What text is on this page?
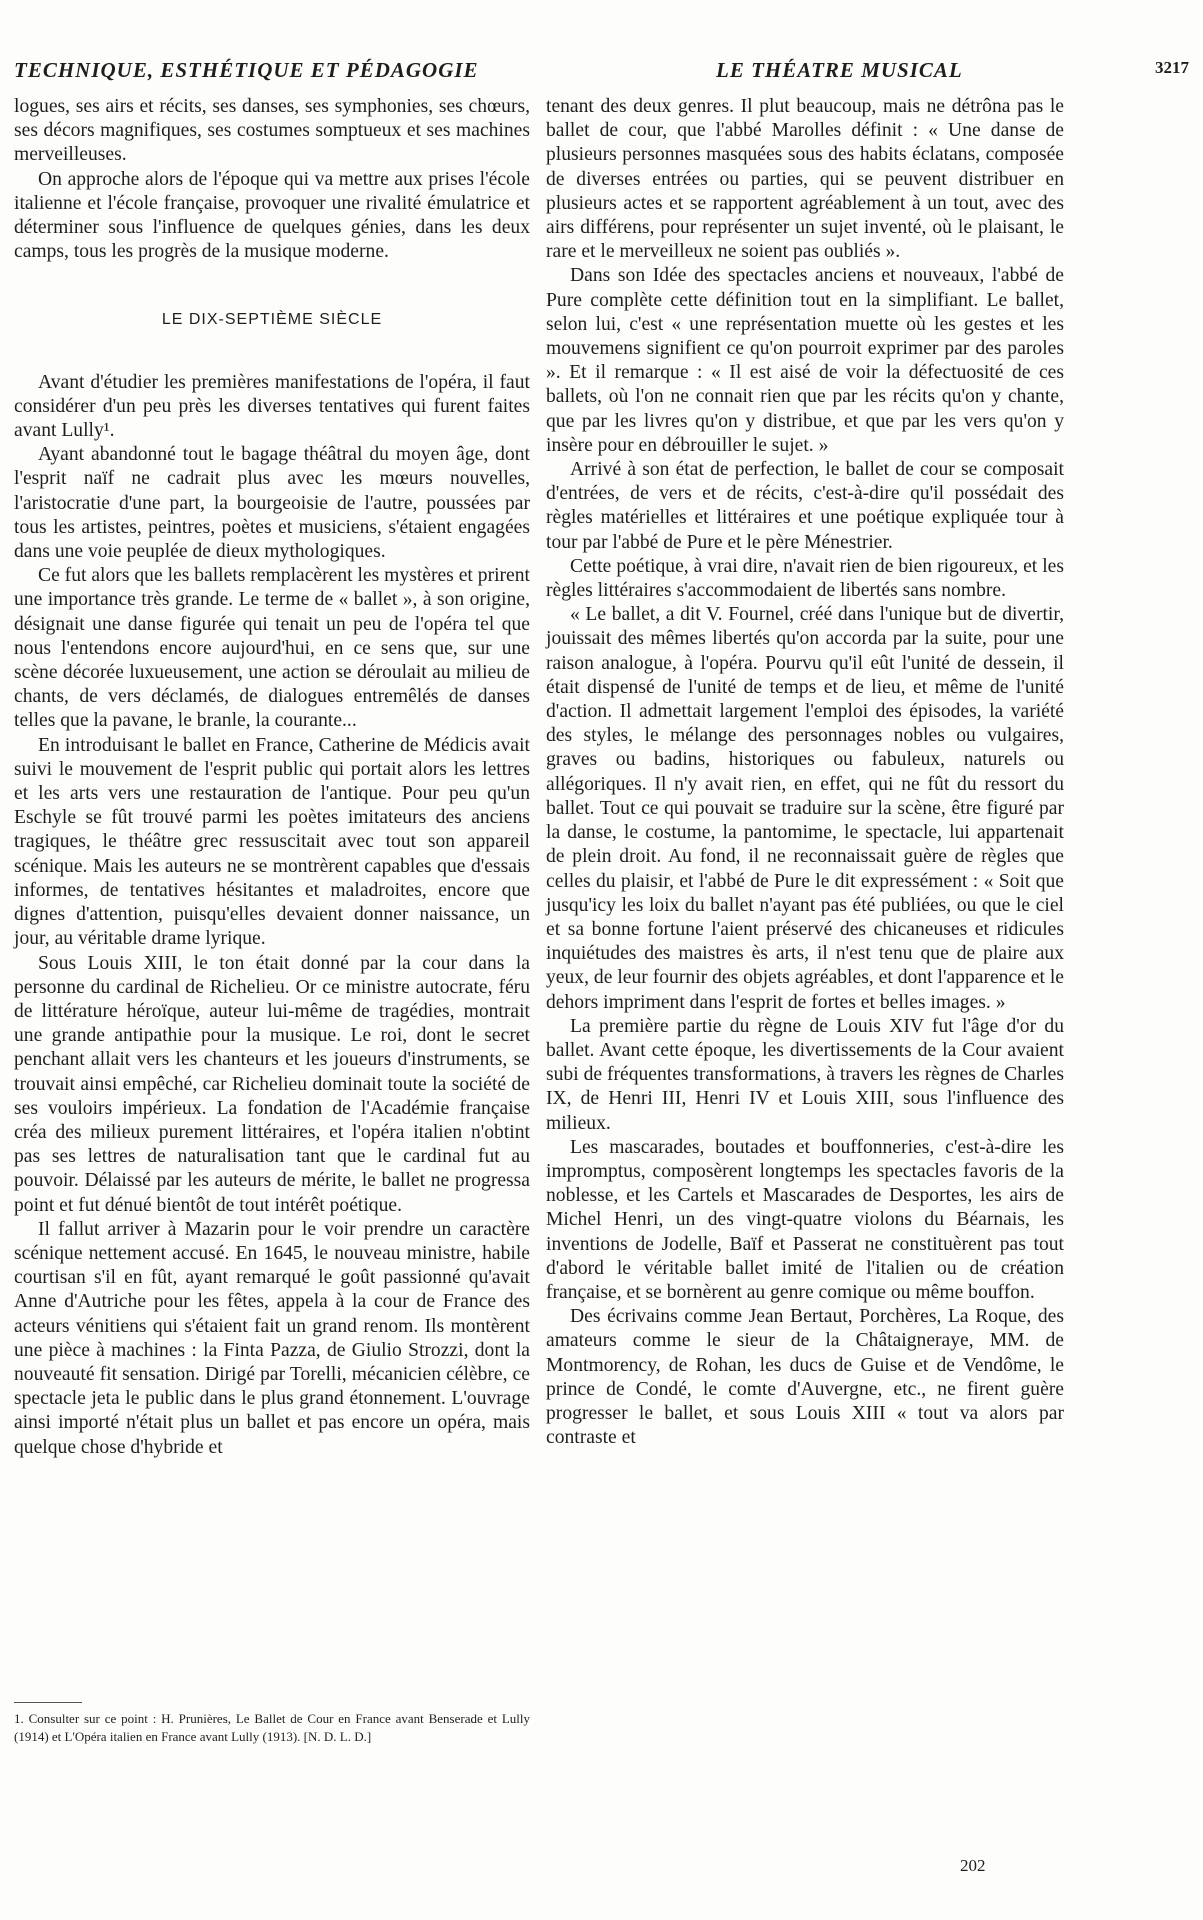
TECHNIQUE, ESTHÉTIQUE ET PÉDAGOGIE	LE THÉATRE MUSICAL	3217

logues, ses airs et récits, ses danses, ses symphonies, ses chœurs, ses décors magnifiques, ses costumes somptueux et ses machines merveilleuses.

On approche alors de l'époque qui va mettre aux prises l'école italienne et l'école française, provoquer une rivalité émulatrice et déterminer sous l'influence de quelques génies, dans les deux camps, tous les progrès de la musique moderne.

LE DIX-SEPTIÈME SIÈCLE

Avant d'étudier les premières manifestations de l'opéra, il faut considérer d'un peu près les diverses tentatives qui furent faites avant Lully¹.

Ayant abandonné tout le bagage théâtral du moyen âge, dont l'esprit naïf ne cadrait plus avec les mœurs nouvelles, l'aristocratie d'une part, la bourgeoisie de l'autre, poussées par tous les artistes, peintres, poètes et musiciens, s'étaient engagées dans une voie peuplée de dieux mythologiques.

Ce fut alors que les ballets remplacèrent les mystères et prirent une importance très grande. Le terme de « ballet », à son origine, désignait une danse figurée qui tenait un peu de l'opéra tel que nous l'entendons encore aujourd'hui, en ce sens que, sur une scène décorée luxueusement, une action se déroulait au milieu de chants, de vers déclamés, de dialogues entremêlés de danses telles que la pavane, le branle, la courante...

En introduisant le ballet en France, Catherine de Médicis avait suivi le mouvement de l'esprit public qui portait alors les lettres et les arts vers une restauration de l'antique. Pour peu qu'un Eschyle se fût trouvé parmi les poètes imitateurs des anciens tragiques, le théâtre grec ressuscitait avec tout son appareil scénique. Mais les auteurs ne se montrèrent capables que d'essais informes, de tentatives hésitantes et maladroites, encore que dignes d'attention, puisqu'elles devaient donner naissance, un jour, au véritable drame lyrique.

Sous Louis XIII, le ton était donné par la cour dans la personne du cardinal de Richelieu. Or ce ministre autocrate, féru de littérature héroïque, auteur lui-même de tragédies, montrait une grande antipathie pour la musique. Le roi, dont le secret penchant allait vers les chanteurs et les joueurs d'instruments, se trouvait ainsi empêché, car Richelieu dominait toute la société de ses vouloirs impérieux. La fondation de l'Académie française créa des milieux purement littéraires, et l'opéra italien n'obtint pas ses lettres de naturalisation tant que le cardinal fut au pouvoir. Délaissé par les auteurs de mérite, le ballet ne progressa point et fut dénué bientôt de tout intérêt poétique.

Il fallut arriver à Mazarin pour le voir prendre un caractère scénique nettement accusé. En 1645, le nouveau ministre, habile courtisan s'il en fût, ayant remarqué le goût passionné qu'avait Anne d'Autriche pour les fêtes, appela à la cour de France des acteurs vénitiens qui s'étaient fait un grand renom. Ils montèrent une pièce à machines : la Finta Pazza, de Giulio Strozzi, dont la nouveauté fit sensation. Dirigé par Torelli, mécanicien célèbre, ce spectacle jeta le public dans le plus grand étonnement. L'ouvrage ainsi importé n'était plus un ballet et pas encore un opéra, mais quelque chose d'hybride et

1. Consulter sur ce point : H. Prunières, Le Ballet de Cour en France avant Benserade et Lully (1914) et L'Opéra italien en France avant Lully (1913). [N. D. L. D.]

tenant des deux genres. Il plut beaucoup, mais ne détrôna pas le ballet de cour, que l'abbé Marolles définit : « Une danse de plusieurs personnes masquées sous des habits éclatans, composée de diverses entrées ou parties, qui se peuvent distribuer en plusieurs actes et se rapportent agréablement à un tout, avec des airs différens, pour représenter un sujet inventé, où le plaisant, le rare et le merveilleux ne soient pas oubliés ».

Dans son Idée des spectacles anciens et nouveaux, l'abbé de Pure complète cette définition tout en la simplifiant. Le ballet, selon lui, c'est « une représentation muette où les gestes et les mouvemens signifient ce qu'on pourroit exprimer par des paroles ». Et il remarque : « Il est aisé de voir la défectuosité de ces ballets, où l'on ne connait rien que par les récits qu'on y chante, que par les livres qu'on y distribue, et que par les vers qu'on y insère pour en débrouiller le sujet. »

Arrivé à son état de perfection, le ballet de cour se composait d'entrées, de vers et de récits, c'est-à-dire qu'il possédait des règles matérielles et littéraires et une poétique expliquée tour à tour par l'abbé de Pure et le père Ménestrier.

Cette poétique, à vrai dire, n'avait rien de bien rigoureux, et les règles littéraires s'accommodaient de libertés sans nombre.

« Le ballet, a dit V. Fournel, créé dans l'unique but de divertir, jouissait des mêmes libertés qu'on accorda par la suite, pour une raison analogue, à l'opéra. Pourvu qu'il eût l'unité de dessein, il était dispensé de l'unité de temps et de lieu, et même de l'unité d'action. Il admettait largement l'emploi des épisodes, la variété des styles, le mélange des personnages nobles ou vulgaires, graves ou badins, historiques ou fabuleux, naturels ou allégoriques. Il n'y avait rien, en effet, qui ne fût du ressort du ballet. Tout ce qui pouvait se traduire sur la scène, être figuré par la danse, le costume, la pantomime, le spectacle, lui appartenait de plein droit. Au fond, il ne reconnaissait guère de règles que celles du plaisir, et l'abbé de Pure le dit expressément : « Soit que jusqu'icy les loix du ballet n'ayant pas été publiées, ou que le ciel et sa bonne fortune l'aient préservé des chicaneuses et ridicules inquiétudes des maistres ès arts, il n'est tenu que de plaire aux yeux, de leur fournir des objets agréables, et dont l'apparence et le dehors impriment dans l'esprit de fortes et belles images. »

La première partie du règne de Louis XIV fut l'âge d'or du ballet. Avant cette époque, les divertissements de la Cour avaient subi de fréquentes transformations, à travers les règnes de Charles IX, de Henri III, Henri IV et Louis XIII, sous l'influence des milieux.

Les mascarades, boutades et bouffonneries, c'est-à-dire les impromptus, composèrent longtemps les spectacles favoris de la noblesse, et les Cartels et Mascarades de Desportes, les airs de Michel Henri, un des vingt-quatre violons du Béarnais, les inventions de Jodelle, Baïf et Passerat ne constituèrent pas tout d'abord le véritable ballet imité de l'italien ou de création française, et se bornèrent au genre comique ou même bouffon.

Des écrivains comme Jean Bertaut, Porchères, La Roque, des amateurs comme le sieur de la Châtaigneraye, MM. de Montmorency, de Rohan, les ducs de Guise et de Vendôme, le prince de Condé, le comte d'Auvergne, etc., ne firent guère progresser le ballet, et sous Louis XIII « tout va alors par contraste et

202
